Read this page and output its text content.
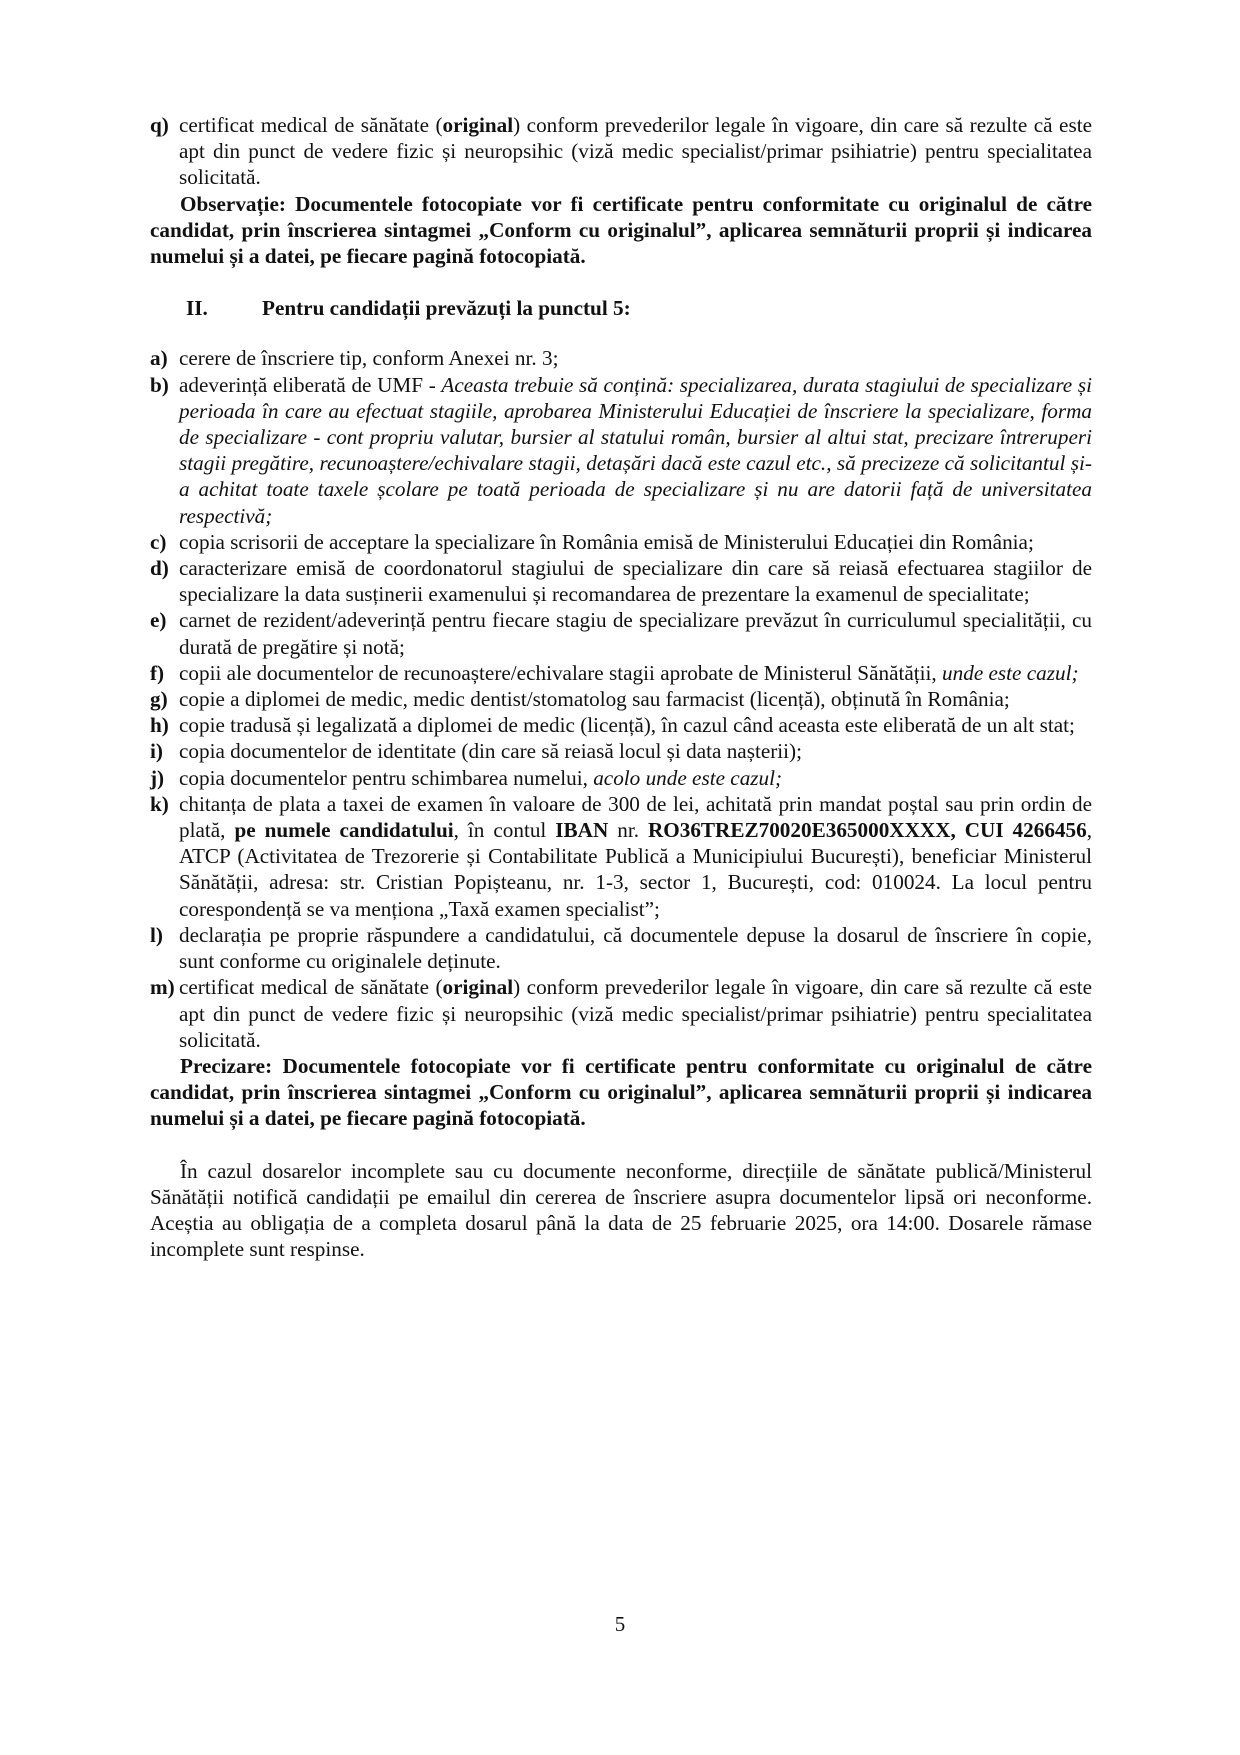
q) certificat medical de sănătate (original) conform prevederilor legale în vigoare, din care să rezulte că este apt din punct de vedere fizic și neuropsihic (viză medic specialist/primar psihiatrie) pentru specialitatea solicitată.
Observație: Documentele fotocopiate vor fi certificate pentru conformitate cu originalul de către candidat, prin înscrierea sintagmei „Conform cu originalul”, aplicarea semnăturii proprii și indicarea numelui și a datei, pe fiecare pagină fotocopiată.
II.	Pentru candidații prevăzuți la punctul 5:
a) cerere de înscriere tip, conform Anexei nr. 3;
b) adeverință eliberată de UMF - Aceasta trebuie să conțină: specializarea, durata stagiului de specializare și perioada în care au efectuat stagiile, aprobarea Ministerului Educației de înscriere la specializare, forma de specializare - cont propriu valutar, bursier al statului român, bursier al altui stat, precizare întreruperi stagii pregătire, recunoaștere/echivalare stagii, detașări dacă este cazul etc., să precizeze că solicitantul și-a achitat toate taxele școlare pe toată perioada de specializare și nu are datorii față de universitatea respectivă;
c) copia scrisorii de acceptare la specializare în România emisă de Ministerului Educației din România;
d) caracterizare emisă de coordonatorul stagiului de specializare din care să reiasă efectuarea stagiilor de specializare la data susținerii examenului și recomandarea de prezentare la examenul de specialitate;
e) carnet de rezident/adeverință pentru fiecare stagiu de specializare prevăzut în curriculumul specialității, cu durată de pregătire și notă;
f) copii ale documentelor de recunoaștere/echivalare stagii aprobate de Ministerul Sănătății, unde este cazul;
g) copie a diplomei de medic, medic dentist/stomatolog sau farmacist (licență), obținută în România;
h) copie tradusă și legalizată a diplomei de medic (licență), în cazul când aceasta este eliberată de un alt stat;
i) copia documentelor de identitate (din care să reiasă locul și data nașterii);
j) copia documentelor pentru schimbarea numelui, acolo unde este cazul;
k) chitanța de plata a taxei de examen în valoare de 300 de lei, achitată prin mandat poștal sau prin ordin de plată, pe numele candidatului, în contul IBAN nr. RO36TREZ70020E365000XXXX, CUI 4266456, ATCP (Activitatea de Trezorerie și Contabilitate Publică a Municipiului București), beneficiar Ministerul Sănătății, adresa: str. Cristian Popișteanu, nr. 1-3, sector 1, București, cod: 010024. La locul pentru corespondență se va menționa „Taxă examen specialist”;
l) declarația pe proprie răspundere a candidatului, că documentele depuse la dosarul de înscriere în copie, sunt conforme cu originalele deținute.
m) certificat medical de sănătate (original) conform prevederilor legale în vigoare, din care să rezulte că este apt din punct de vedere fizic și neuropsihic (viză medic specialist/primar psihiatrie) pentru specialitatea solicitată.
Precizare: Documentele fotocopiate vor fi certificate pentru conformitate cu originalul de către candidat, prin înscrierea sintagmei „Conform cu originalul”, aplicarea semnăturii proprii și indicarea numelui și a datei, pe fiecare pagină fotocopiată.
În cazul dosarelor incomplete sau cu documente neconforme, direcțiile de sănătate publică/Ministerul Sănătății notifică candidații pe emailul din cererea de înscriere asupra documentelor lipsă ori neconforme. Aceștia au obligația de a completa dosarul până la data de 25 februarie 2025, ora 14:00. Dosarele rămase incomplete sunt respinse.
5
